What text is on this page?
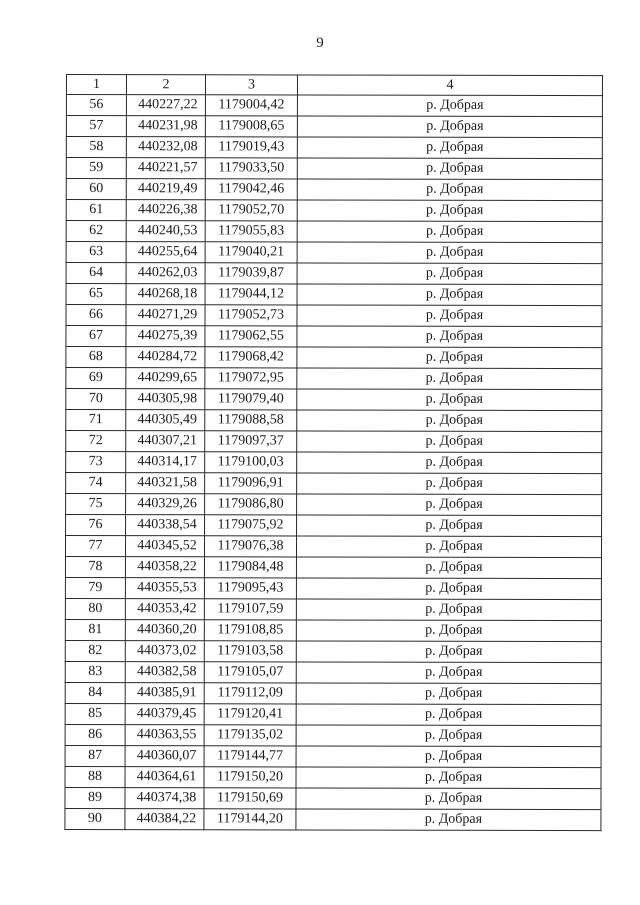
9
1	2	3	4
56	440227,22	1179004,42	р. Добрая
57	440231,98	1179008,65	р. Добрая
58	440232,08	1179019,43	р. Добрая
59	440221,57	1179033,50	р. Добрая
60	440219,49	1179042,46	р. Добрая
61	440226,38	1179052,70	р. Добрая
62	440240,53	1179055,83	р. Добрая
63	440255,64	1179040,21	р. Добрая
64	440262,03	1179039,87	р. Добрая
65	440268,18	1179044,12	р. Добрая
66	440271,29	1179052,73	р. Добрая
67	440275,39	1179062,55	р. Добрая
68	440284,72	1179068,42	р. Добрая
69	440299,65	1179072,95	р. Добрая
70	440305,98	1179079,40	р. Добрая
71	440305,49	1179088,58	р. Добрая
72	440307,21	1179097,37	р. Добрая
73	440314,17	1179100,03	р. Добрая
74	440321,58	1179096,91	р. Добрая
75	440329,26	1179086,80	р. Добрая
76	440338,54	1179075,92	р. Добрая
77	440345,52	1179076,38	р. Добрая
78	440358,22	1179084,48	р. Добрая
79	440355,53	1179095,43	р. Добрая
80	440353,42	1179107,59	р. Добрая
81	440360,20	1179108,85	р. Добрая
82	440373,02	1179103,58	р. Добрая
83	440382,58	1179105,07	р. Добрая
84	440385,91	1179112,09	р. Добрая
85	440379,45	1179120,41	р. Добрая
86	440363,55	1179135,02	р. Добрая
87	440360,07	1179144,77	р. Добрая
88	440364,61	1179150,20	р. Добрая
89	440374,38	1179150,69	р. Добрая
90	440384,22	1179144,20	р. Добрая
